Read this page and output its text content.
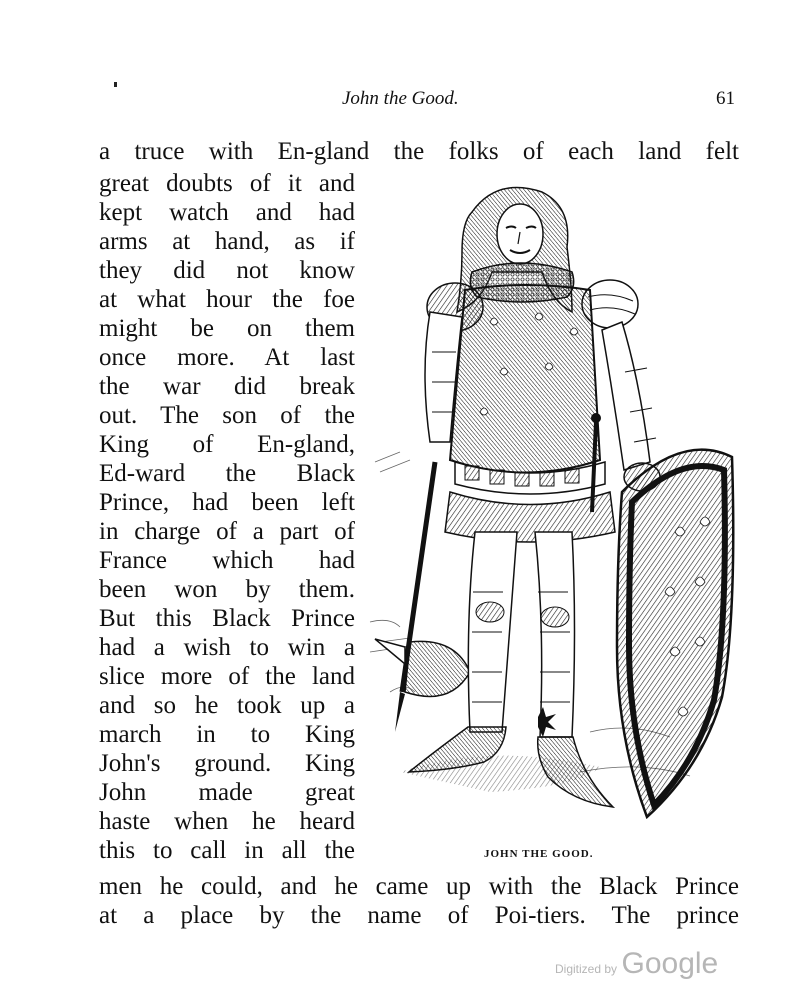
John the Good.	61
a truce with En-gland the folks of each land felt
great doubts of it and
kept watch and had
arms at hand, as if
they did not know
at what hour the foe
might be on them
once more. At last
the war did break
out. The son of the
King of En-gland,
Ed-ward the Black
Prince, had been left
in charge of a part of
France which had
been won by them.
But this Black Prince
had a wish to win a
slice more of the land
and so he took up a
march in to King
John's ground. King
John made great
haste when he heard
this to call in all the
men he could, and he came up with the Black Prince
at a place by the name of Poi-tiers. The prince
JOHN THE GOOD.
Digitized by Google
